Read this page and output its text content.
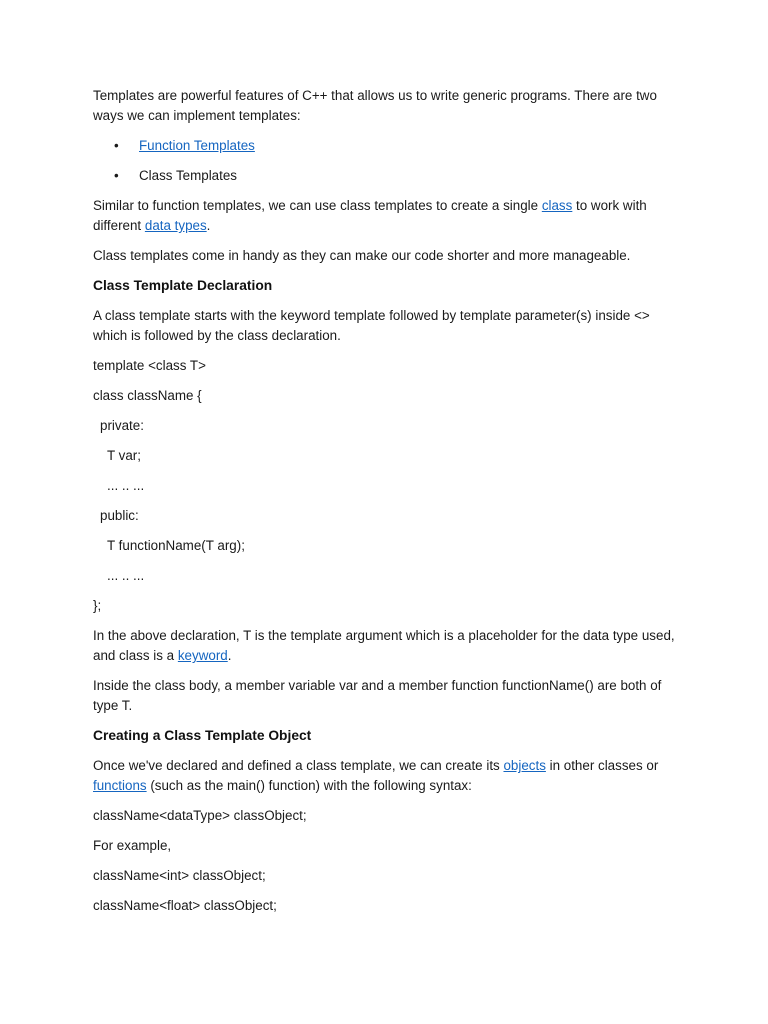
Templates are powerful features of C++ that allows us to write generic programs. There are two ways we can implement templates:

• Function Templates
• Class Templates

Similar to function templates, we can use class templates to create a single class to work with different data types.

Class templates come in handy as they can make our code shorter and more manageable.

Class Template Declaration

A class template starts with the keyword template followed by template parameter(s) inside <> which is followed by the class declaration.

template <class T>

class className {

private:

T var;

... .. ...

public:

T functionName(T arg);

... .. ...

};

In the above declaration, T is the template argument which is a placeholder for the data type used, and class is a keyword.

Inside the class body, a member variable var and a member function functionName() are both of type T.

Creating a Class Template Object

Once we've declared and defined a class template, we can create its objects in other classes or functions (such as the main() function) with the following syntax:

className<dataType> classObject;

For example,

className<int> classObject;

className<float> classObject;
